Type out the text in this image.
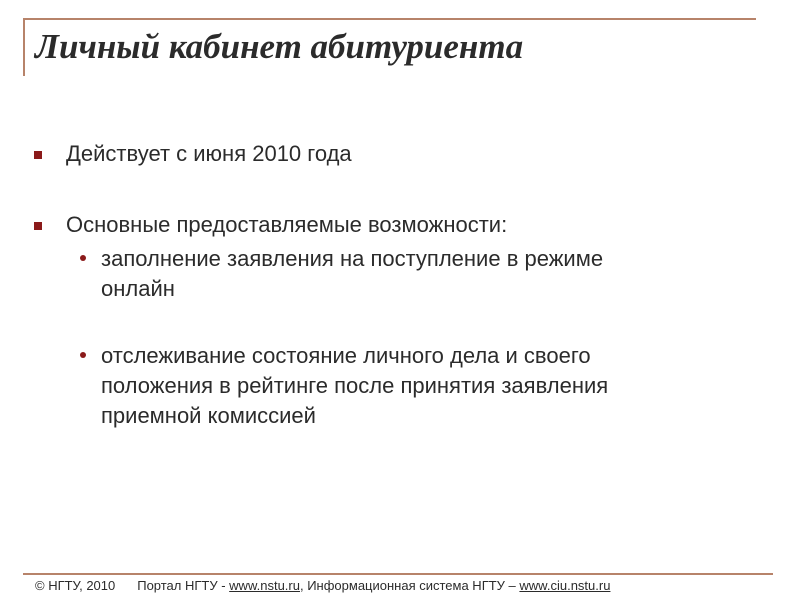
Личный кабинет абитуриента
Действует с июня 2010 года
Основные предоставляемые возможности:
заполнение заявления на поступление в режиме
онлайн
отслеживание состояние личного дела и своего
положения в рейтинге после принятия заявления
приемной комиссией
© НГТУ, 2010 Портал НГТУ - www.nstu.ru, Информационная система НГТУ – www.ciu.nstu.ru
